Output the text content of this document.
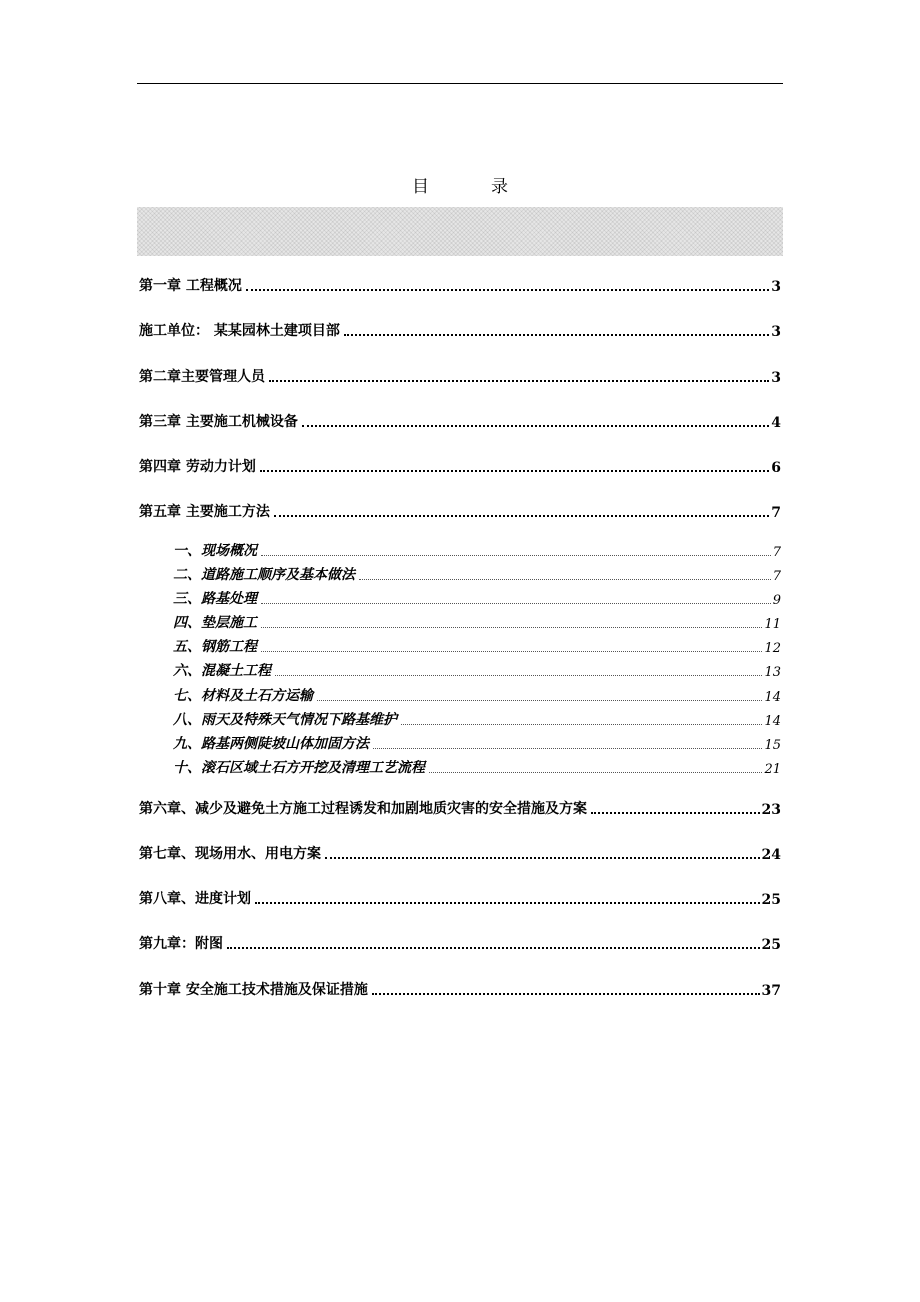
目	录
第一章 工程概况	3
施工单位： 某某园林土建项目部	3
第二章主要管理人员	3
第三章 主要施工机械设备	4
第四章 劳动力计划	6
第五章 主要施工方法	7
一、现场概况	7
二、道路施工顺序及基本做法	7
三、路基处理	9
四、垫层施工	11
五、钢筋工程	12
六、混凝土工程	13
七、材料及土石方运输	14
八、雨天及特殊天气情况下路基维护	14
九、路基两侧陡坡山体加固方法	15
十、滚石区域土石方开挖及清理工艺流程	21
第六章、减少及避免土方施工过程诱发和加剧地质灾害的安全措施及方案	23
第七章、现场用水、用电方案	24
第八章、进度计划	25
第九章：附图	25
第十章 安全施工技术措施及保证措施	37
